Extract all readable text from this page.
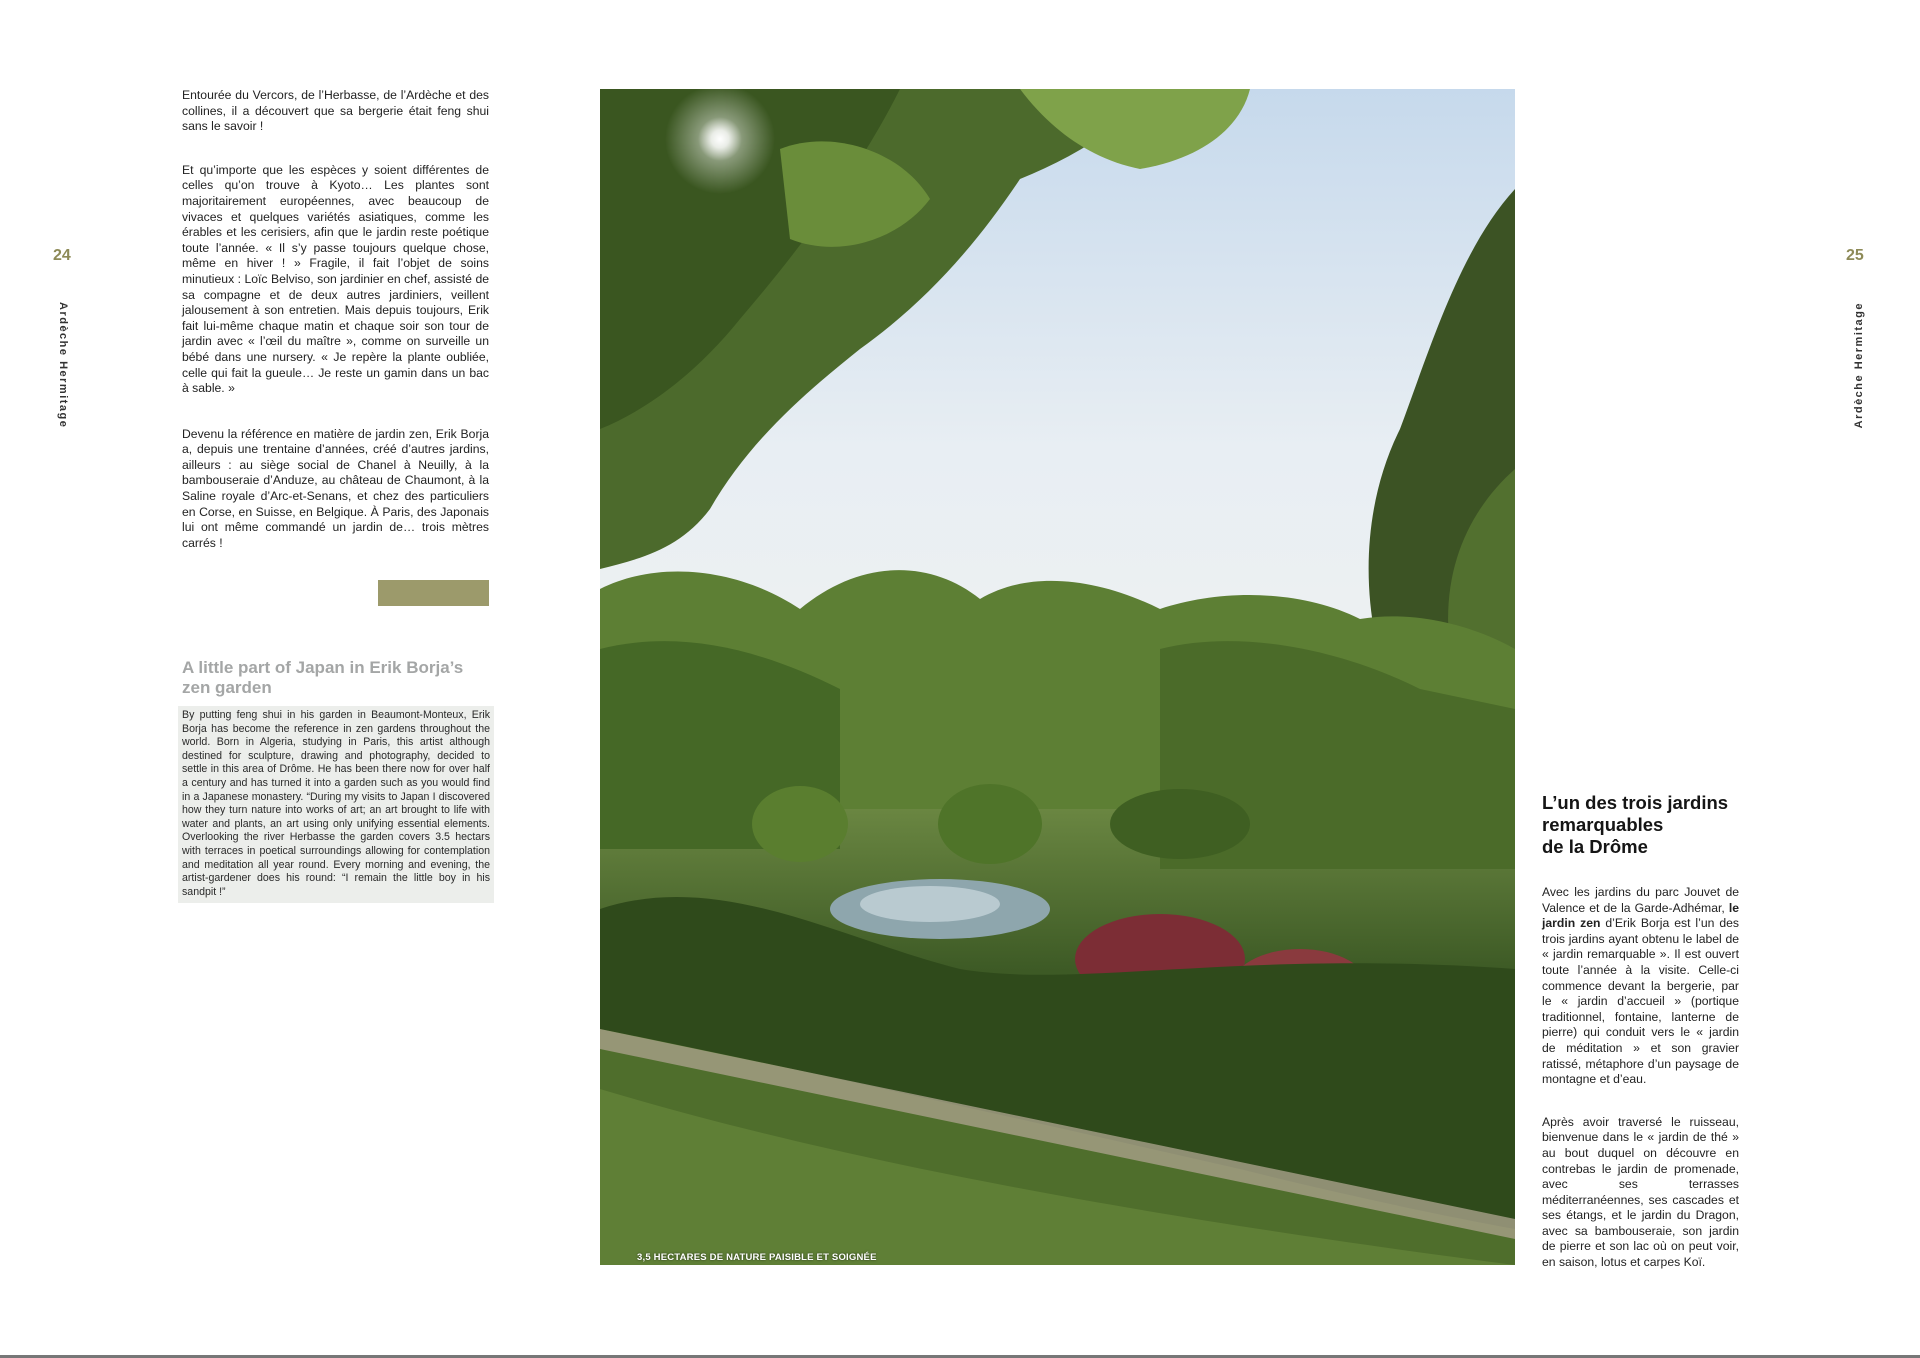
24
Ardèche Hermitage

Entourée du Vercors, de l’Herbasse, de l’Ardèche et des collines, il a découvert que sa bergerie était feng shui sans le savoir !

Et qu’importe que les espèces y soient différentes de celles qu’on trouve à Kyoto… Les plantes sont majoritairement européennes, avec beaucoup de vivaces et quelques variétés asiatiques, comme les érables et les cerisiers, afin que le jardin reste poétique toute l’année. « Il s’y passe toujours quelque chose, même en hiver ! » Fragile, il fait l’objet de soins minutieux : Loïc Belviso, son jardinier en chef, assisté de sa compagne et de deux autres jardiniers, veillent jalousement à son entretien. Mais depuis toujours, Erik fait lui-même chaque matin et chaque soir son tour de jardin avec « l’œil du maître », comme on surveille un bébé dans une nursery. « Je repère la plante oubliée, celle qui fait la gueule… Je reste un gamin dans un bac à sable. »

Devenu la référence en matière de jardin zen, Erik Borja a, depuis une trentaine d’années, créé d’autres jardins, ailleurs : au siège social de Chanel à Neuilly, à la bambouseraie d’Anduze, au château de Chaumont, à la Saline royale d’Arc-et-Senans, et chez des particuliers en Corse, en Suisse, en Belgique. À Paris, des Japonais lui ont même commandé un jardin de… trois mètres carrés !

A little part of Japan in Erik Borja’s zen garden

By putting feng shui in his garden in Beaumont-Monteux, Erik Borja has become the reference in zen gardens throughout the world. Born in Algeria, studying in Paris, this artist although destined for sculpture, drawing and photography, decided to settle in this area of Drôme. He has been there now for over half a century and has turned it into a garden such as you would find in a Japanese monastery. “During my visits to Japan I discovered how they turn nature into works of art; an art brought to life with water and plants, an art using only unifying essential elements. Overlooking the river Herbasse the garden covers 3.5 hectars with terraces in poetical surroundings allowing for contemplation and meditation all year round. Every morning and evening, the artist-gardener does his round: “I remain the little boy in his sandpit !”

3,5 HECTARES DE NATURE PAISIBLE ET SOIGNÉE
25
Ardèche Hermitage
L’un des trois jardins
remarquables
de la Drôme

Avec les jardins du parc Jouvet de Valence et de la Garde-Adhémar, le jardin zen d’Erik Borja est l’un des trois jardins ayant obtenu le label de « jardin remarquable ». Il est ouvert toute l’année à la visite. Celle-ci commence devant la bergerie, par le « jardin d’accueil » (portique traditionnel, fontaine, lanterne de pierre) qui conduit vers le « jardin de méditation » et son gravier ratissé, métaphore d’un paysage de montagne et d’eau.

Après avoir traversé le ruisseau, bienvenue dans le « jardin de thé » au bout duquel on découvre en contrebas le jardin de promenade, avec ses terrasses méditerranéennes, ses cascades et ses étangs, et le jardin du Dragon, avec sa bambouseraie, son jardin de pierre et son lac où on peut voir, en saison, lotus et carpes Koï.
